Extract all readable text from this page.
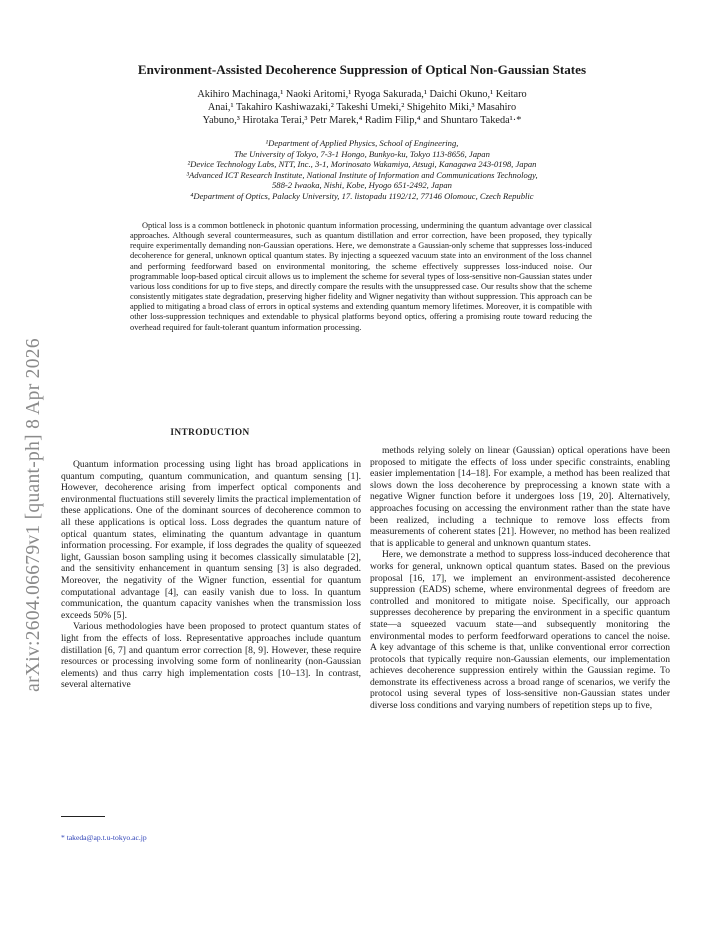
arXiv:2604.06679v1 [quant-ph] 8 Apr 2026
Environment-Assisted Decoherence Suppression of Optical Non-Gaussian States
Akihiro Machinaga,¹ Naoki Aritomi,¹ Ryoga Sakurada,¹ Daichi Okuno,¹ Keitaro
Anai,¹ Takahiro Kashiwazaki,² Takeshi Umeki,² Shigehito Miki,³ Masahiro
Yabuno,³ Hirotaka Terai,³ Petr Marek,⁴ Radim Filip,⁴ and Shuntaro Takeda¹·*
¹Department of Applied Physics, School of Engineering,
The University of Tokyo, 7-3-1 Hongo, Bunkyo-ku, Tokyo 113-8656, Japan
²Device Technology Labs, NTT, Inc., 3-1, Morinosato Wakamiya, Atsugi, Kanagawa 243-0198, Japan
³Advanced ICT Research Institute, National Institute of Information and Communications Technology,
588-2 Iwaoka, Nishi, Kobe, Hyogo 651-2492, Japan
⁴Department of Optics, Palacky University, 17. listopadu 1192/12, 77146 Olomouc, Czech Republic

Optical loss is a common bottleneck in photonic quantum information processing, undermining the quantum advantage over classical approaches. Although several countermeasures, such as quantum distillation and error correction, have been proposed, they typically require experimentally demanding non-Gaussian operations. Here, we demonstrate a Gaussian-only scheme that suppresses loss-induced decoherence for general, unknown optical quantum states. By injecting a squeezed vacuum state into an environment of the loss channel and performing feedforward based on environmental monitoring, the scheme effectively suppresses loss-induced noise. Our programmable loop-based optical circuit allows us to implement the scheme for several types of loss-sensitive non-Gaussian states under various loss conditions for up to five steps, and directly compare the results with the unsuppressed case. Our results show that the scheme consistently mitigates state degradation, preserving higher fidelity and Wigner negativity than without suppression. This approach can be applied to mitigating a broad class of errors in optical systems and extending quantum memory lifetimes. Moreover, it is compatible with other loss-suppression techniques and extendable to physical platforms beyond optics, offering a promising route toward reducing the overhead required for fault-tolerant quantum information processing.

INTRODUCTION

Quantum information processing using light has broad applications in quantum computing, quantum communication, and quantum sensing [1]. However, decoherence arising from imperfect optical components and environmental fluctuations still severely limits the practical implementation of these applications. One of the dominant sources of decoherence common to all these applications is optical loss. Loss degrades the quantum nature of optical quantum states, eliminating the quantum advantage in quantum information processing. For example, if loss degrades the quality of squeezed light, Gaussian boson sampling using it becomes classically simulatable [2], and the sensitivity enhancement in quantum sensing [3] is also degraded. Moreover, the negativity of the Wigner function, essential for quantum computational advantage [4], can easily vanish due to loss. In quantum communication, the quantum capacity vanishes when the transmission loss exceeds 50% [5].

Various methodologies have been proposed to protect quantum states of light from the effects of loss. Representative approaches include quantum distillation [6, 7] and quantum error correction [8, 9]. However, these require resources or processing involving some form of nonlinearity (non-Gaussian elements) and thus carry high implementation costs [10–13]. In contrast, several alternative

methods relying solely on linear (Gaussian) optical operations have been proposed to mitigate the effects of loss under specific constraints, enabling easier implementation [14–18]. For example, a method has been realized that slows down the loss decoherence by preprocessing a known state with a negative Wigner function before it undergoes loss [19, 20]. Alternatively, approaches focusing on accessing the environment rather than the state have been realized, including a technique to remove loss effects from measurements of coherent states [21]. However, no method has been realized that is applicable to general and unknown quantum states.

Here, we demonstrate a method to suppress loss-induced decoherence that works for general, unknown optical quantum states. Based on the previous proposal [16, 17], we implement an environment-assisted decoherence suppression (EADS) scheme, where environmental degrees of freedom are controlled and monitored to mitigate noise. Specifically, our approach suppresses decoherence by preparing the environment in a specific quantum state—a squeezed vacuum state—and subsequently monitoring the environmental modes to perform feedforward operations to cancel the noise. A key advantage of this scheme is that, unlike conventional error correction protocols that typically require non-Gaussian elements, our implementation achieves decoherence suppression entirely within the Gaussian regime. To demonstrate its effectiveness across a broad range of scenarios, we verify the protocol using several types of loss-sensitive non-Gaussian states under diverse loss conditions and varying numbers of repetition steps up to five,

* takeda@ap.t.u-tokyo.ac.jp
